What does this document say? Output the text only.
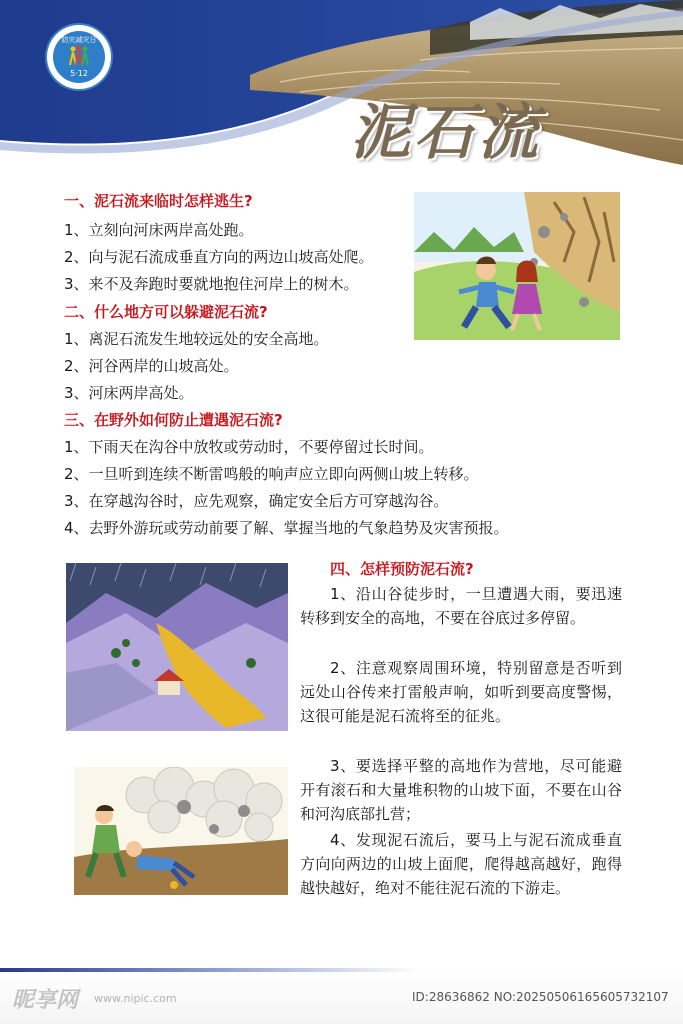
防灾减灾日
5·12
泥石流
一、泥石流来临时怎样逃生?
1、立刻向河床两岸高处跑。
2、向与泥石流成垂直方向的两边山坡高处爬。
3、来不及奔跑时要就地抱住河岸上的树木。
二、什么地方可以躲避泥石流?
1、离泥石流发生地较远处的安全高地。
2、河谷两岸的山坡高处。
3、河床两岸高处。
三、在野外如何防止遭遇泥石流?
1、下雨天在沟谷中放牧或劳动时，不要停留过长时间。
2、一旦听到连续不断雷鸣般的响声应立即向两侧山坡上转移。
3、在穿越沟谷时，应先观察，确定安全后方可穿越沟谷。
4、去野外游玩或劳动前要了解、掌握当地的气象趋势及灾害预报。
四、怎样预防泥石流?
1、沿山谷徒步时，一旦遭遇大雨，要迅速转移到安全的高地，不要在谷底过多停留。
2、注意观察周围环境，特别留意是否听到远处山谷传来打雷般声响，如听到要高度警惕，这很可能是泥石流将至的征兆。
3、要选择平整的高地作为营地，尽可能避开有滚石和大量堆积物的山坡下面，不要在山谷和河沟底部扎营；
4、发现泥石流后，要马上与泥石流成垂直方向向两边的山坡上面爬，爬得越高越好，跑得越快越好，绝对不能往泥石流的下游走。
昵享网 www.nipic.com	ID:28636862 NO:20250506165605732107
